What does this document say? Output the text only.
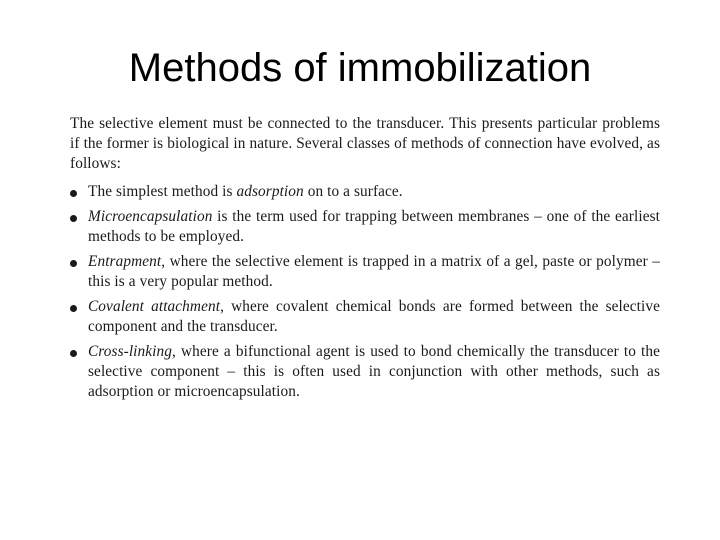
Methods of immobilization

The selective element must be connected to the transducer. This presents particular problems if the former is biological in nature. Several classes of methods of connection have evolved, as follows:

The simplest method is adsorption on to a surface.
Microencapsulation is the term used for trapping between membranes – one of the earliest methods to be employed.
Entrapment, where the selective element is trapped in a matrix of a gel, paste or polymer – this is a very popular method.
Covalent attachment, where covalent chemical bonds are formed between the selective component and the transducer.
Cross-linking, where a bifunctional agent is used to bond chemically the transducer to the selective component – this is often used in conjunction with other methods, such as adsorption or microencapsulation.
